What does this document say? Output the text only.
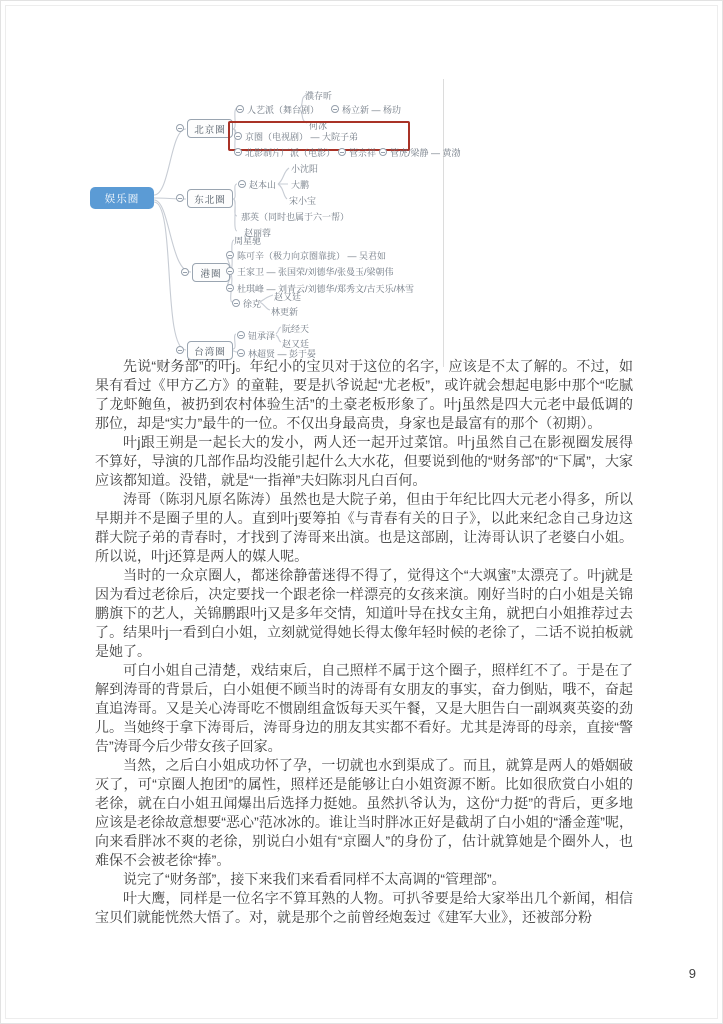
娱乐圈
北京圈
东北圈
港圈
台湾圈
濮存昕
人艺派（舞台剧）	杨立新 — 杨玏
何冰
京圈（电视剧） — 大院子弟
北影制片厂派（电影） 管宗祥 管虎/梁静 — 黄渤
小沈阳
赵本山 大鹏
宋小宝
那英（同时也属于六一帮）
赵丽蓉
周星驰
陈可辛（极力向京圈靠拢） — 吴君如
王家卫 — 张国荣/刘德华/张曼玉/梁朝伟
杜琪峰 — 刘青云/刘德华/郑秀文/古天乐/林雪
徐克
赵又廷
林更新
阮经天
钮承泽
赵又廷
林超贤 — 彭于晏

先说“财务部”的叶j。年纪小的宝贝对于这位的名字，应该是不太了解的。不过，如果有看过《甲方乙方》的童鞋，要是扒爷说起“尤老板”，或许就会想起电影中那个“吃腻了龙虾鲍鱼，被扔到农村体验生活”的土豪老板形象了。叶j虽然是四大元老中最低调的那位，却是“实力”最牛的一位。不仅出身最高贵，身家也是最富有的那个（初期）。

叶j跟王朔是一起长大的发小，两人还一起开过菜馆。叶j虽然自己在影视圈发展得不算好，导演的几部作品均没能引起什么大水花，但要说到他的“财务部”的“下属”，大家应该都知道。没错，就是“一指禅”夫妇陈羽凡白百何。

涛哥（陈羽凡原名陈涛）虽然也是大院子弟，但由于年纪比四大元老小得多，所以早期并不是圈子里的人。直到叶j要筹拍《与青春有关的日子》，以此来纪念自己身边这群大院子弟的青春时，才找到了涛哥来出演。也是这部剧，让涛哥认识了老婆白小姐。所以说，叶j还算是两人的媒人呢。

当时的一众京圈人，都迷徐静蕾迷得不得了，觉得这个“大飒蜜”太漂亮了。叶j就是因为看过老徐后，决定要找一个跟老徐一样漂亮的女孩来演。刚好当时的白小姐是关锦鹏旗下的艺人，关锦鹏跟叶j又是多年交情，知道叶导在找女主角，就把白小姐推荐过去了。结果叶j一看到白小姐，立刻就觉得她长得太像年轻时候的老徐了，二话不说拍板就是她了。

可白小姐自己清楚，戏结束后，自己照样不属于这个圈子，照样红不了。于是在了解到涛哥的背景后，白小姐便不顾当时的涛哥有女朋友的事实，奋力倒贴，哦不，奋起直追涛哥。又是关心涛哥吃不惯剧组盒饭每天买午餐，又是大胆告白一副飒爽英姿的劲儿。当她终于拿下涛哥后，涛哥身边的朋友其实都不看好。尤其是涛哥的母亲，直接“警告”涛哥今后少带女孩子回家。

当然，之后白小姐成功怀了孕，一切就也水到渠成了。而且，就算是两人的婚姻破灭了，可“京圈人抱团”的属性，照样还是能够让白小姐资源不断。比如很欣赏白小姐的老徐，就在白小姐丑闻爆出后选择力挺她。虽然扒爷认为，这份“力挺”的背后，更多地应该是老徐故意想要“恶心”范冰冰的。谁让当时胖冰正好是截胡了白小姐的“潘金莲”呢，向来看胖冰不爽的老徐，别说白小姐有“京圈人”的身份了，估计就算她是个圈外人，也难保不会被老徐“捧”。

说完了“财务部”，接下来我们来看看同样不太高调的“管理部”。

叶大鹰，同样是一位名字不算耳熟的人物。可扒爷要是给大家举出几个新闻，相信宝贝们就能恍然大悟了。对，就是那个之前曾经炮轰过《建军大业》，还被部分粉

9
